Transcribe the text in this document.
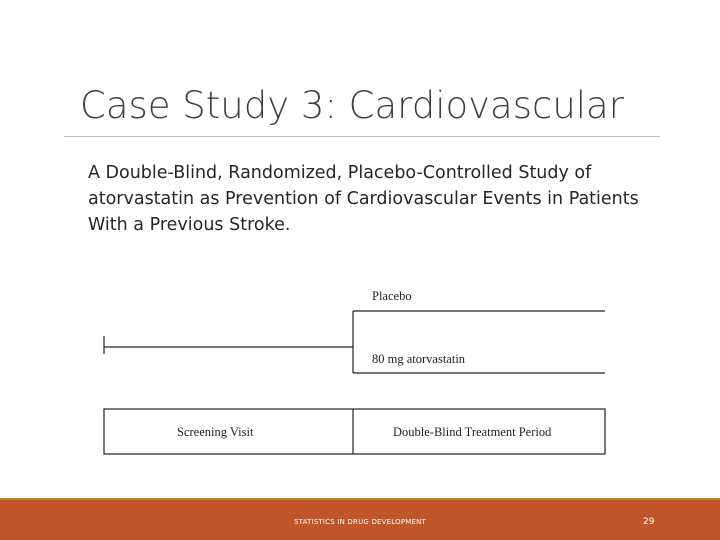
Case Study 3: Cardiovascular
A Double-Blind, Randomized, Placebo-Controlled Study of atorvastatin as Prevention of Cardiovascular Events in Patients With a Previous Stroke.
Placebo
80 mg atorvastatin
Screening Visit	Double-Blind Treatment Period
STATISTICS IN DRUG DEVELOPMENT	29
